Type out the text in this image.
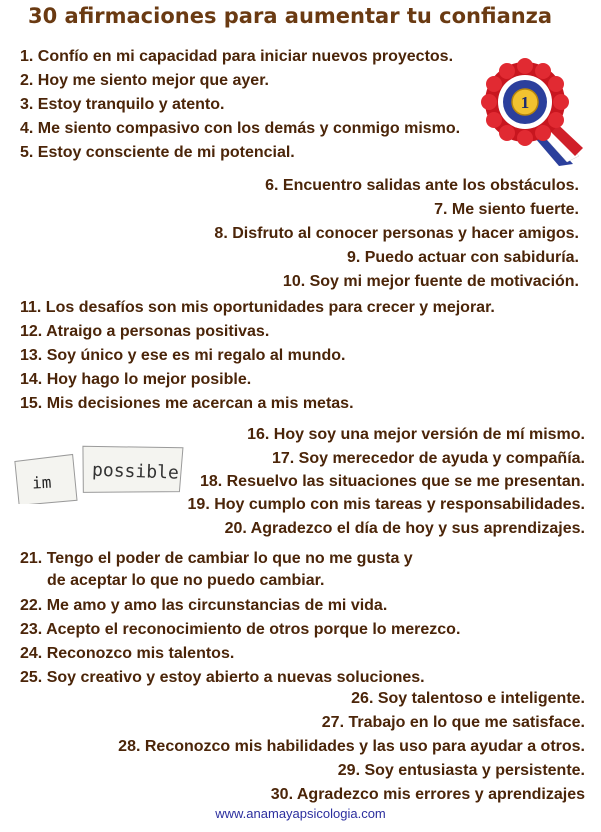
30 afirmaciones para aumentar tu confianza
1. Confío en mi capacidad para iniciar nuevos proyectos.
2. Hoy me siento mejor que ayer.
3. Estoy tranquilo y atento.
4. Me siento compasivo con los demás y conmigo mismo.
5. Estoy consciente de mi potencial.
6. Encuentro salidas ante los obstáculos.
7. Me siento fuerte.
8. Disfruto al conocer personas y hacer amigos.
9. Puedo actuar con sabiduría.
10. Soy mi mejor fuente de motivación.
11. Los desafíos son mis oportunidades para crecer y mejorar.
12. Atraigo a personas positivas.
13. Soy único y ese es mi regalo al mundo.
14. Hoy hago lo mejor posible.
15. Mis decisiones me acercan a mis metas.
16. Hoy soy una mejor versión de mí mismo.
17. Soy merecedor de ayuda y compañía.
18. Resuelvo las situaciones que se me presentan.
19. Hoy cumplo con mis tareas y responsabilidades.
20. Agradezco el día de hoy y sus aprendizajes.
21. Tengo el poder de cambiar lo que no me gusta y
de aceptar lo que no puedo cambiar.
22. Me amo y amo las circunstancias de mi vida.
23. Acepto el reconocimiento de otros porque lo merezco.
24. Reconozco mis talentos.
25. Soy creativo y estoy abierto a nuevas soluciones.
26. Soy talentoso e inteligente.
27. Trabajo en lo que me satisface.
28. Reconozco mis habilidades y las uso para ayudar a otros.
29. Soy entusiasta y persistente.
30. Agradezco mis errores y aprendizajes
www.anamayapsicologia.com
1
im possible
